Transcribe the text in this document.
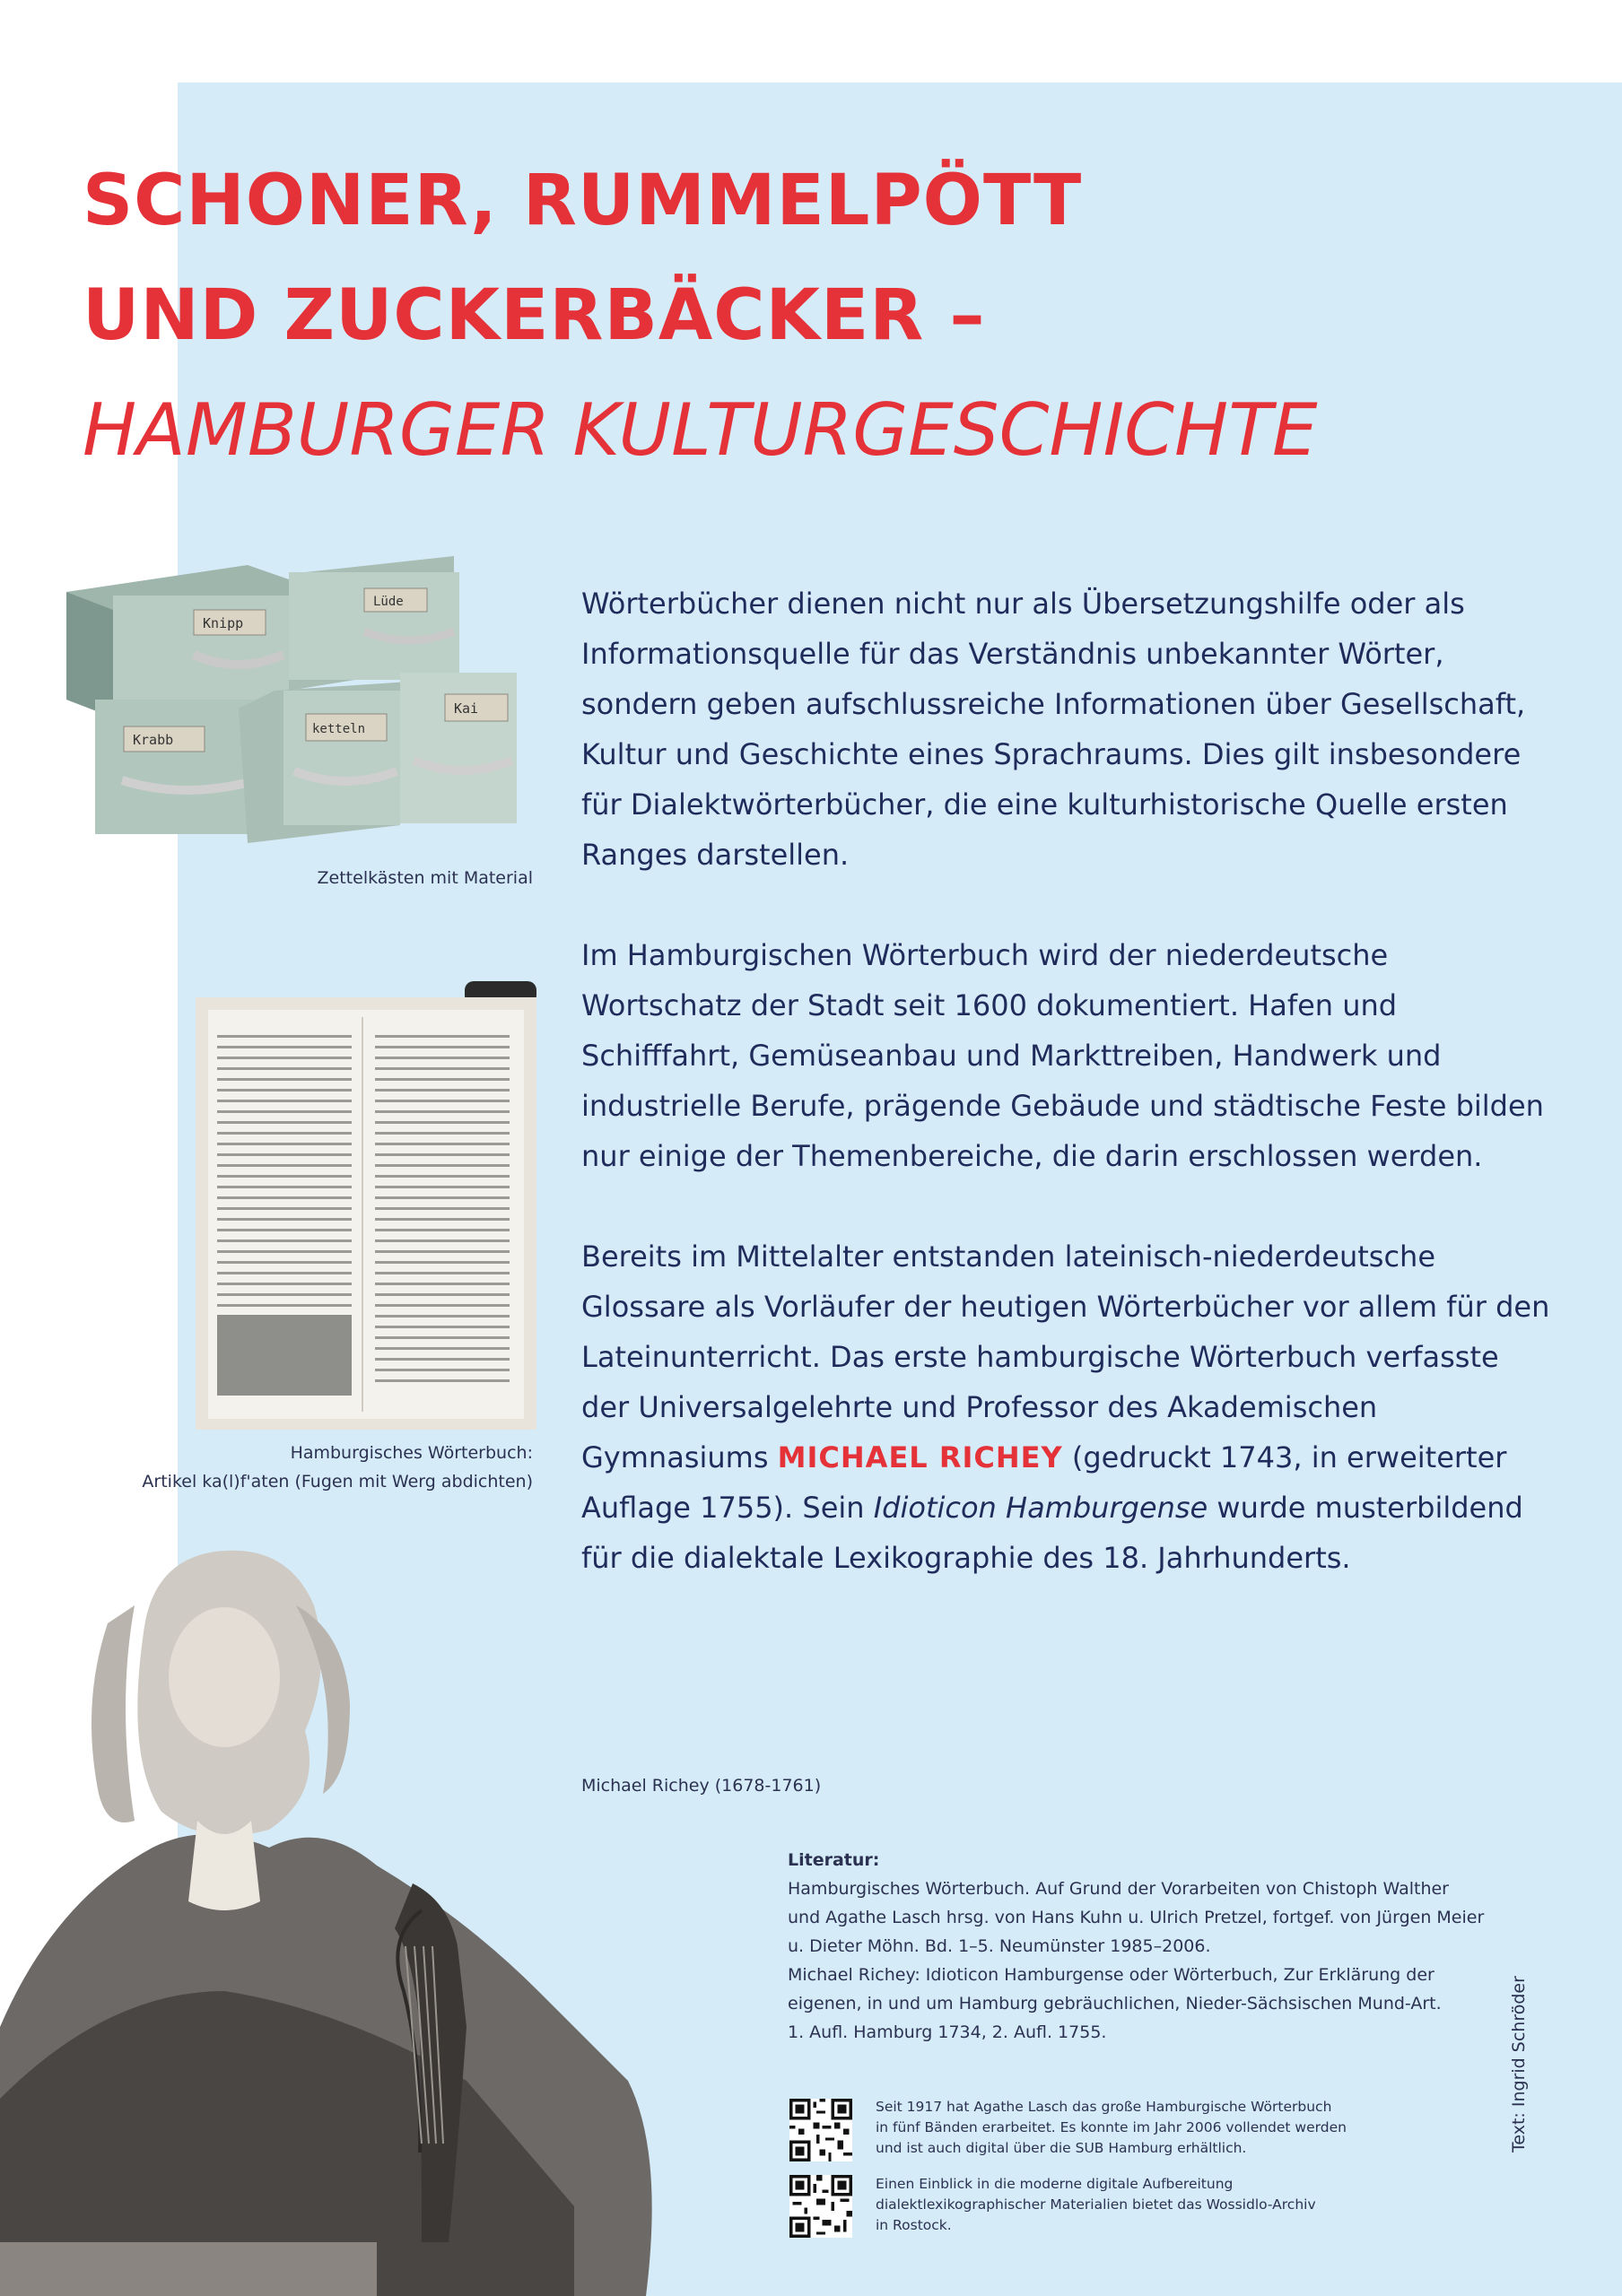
SCHONER, RUMMELPÖTT
UND ZUCKERBÄCKER –
HAMBURGER KULTURGESCHICHTE
Knipp
Lüde
Krabb
ketteln
Kai
Zettelkästen mit Material
Hamburgisches Wörterbuch:
Artikel ka(l)f'aten (Fugen mit Werg abdichten)
Michael Richey (1678-1761)

Wörterbücher dienen nicht nur als Übersetzungshilfe oder als Informationsquelle für das Verständnis unbekannter Wörter, sondern geben aufschlussreiche Informationen über Gesellschaft, Kultur und Geschichte eines Sprachraums. Dies gilt insbesondere für Dialektwörterbücher, die eine kulturhistorische Quelle ersten Ranges darstellen.

Im Hamburgischen Wörterbuch wird der niederdeutsche Wortschatz der Stadt seit 1600 dokumentiert. Hafen und Schifffahrt, Gemüseanbau und Markttreiben, Handwerk und industrielle Berufe, prägende Gebäude und städtische Feste bilden nur einige der Themenbereiche, die darin erschlossen werden.

Bereits im Mittelalter entstanden lateinisch-niederdeutsche Glossare als Vorläufer der heutigen Wörterbücher vor allem für den Lateinunterricht. Das erste hamburgische Wörterbuch verfasste der Universalgelehrte und Professor des Akademischen Gymnasiums MICHAEL RICHEY (gedruckt 1743, in erweiterter Auflage 1755). Sein Idioticon Hamburgense wurde musterbildend für die dialektale Lexikographie des 18. Jahrhunderts.

Literatur:
Hamburgisches Wörterbuch. Auf Grund der Vorarbeiten von Chistoph Walther
und Agathe Lasch hrsg. von Hans Kuhn u. Ulrich Pretzel, fortgef. von Jürgen Meier
u. Dieter Möhn. Bd. 1–5. Neumünster 1985–2006.
Michael Richey: Idioticon Hamburgense oder Wörterbuch, Zur Erklärung der
eigenen, in und um Hamburg gebräuchlichen, Nieder-Sächsischen Mund-Art.
1. Aufl. Hamburg 1734, 2. Aufl. 1755.
Seit 1917 hat Agathe Lasch das große Hamburgische Wörterbuch
in fünf Bänden erarbeitet. Es konnte im Jahr 2006 vollendet werden
und ist auch digital über die SUB Hamburg erhältlich.
Einen Einblick in die moderne digitale Aufbereitung
dialektlexikographischer Materialien bietet das Wossidlo-Archiv
in Rostock.
Text: Ingrid Schröder
